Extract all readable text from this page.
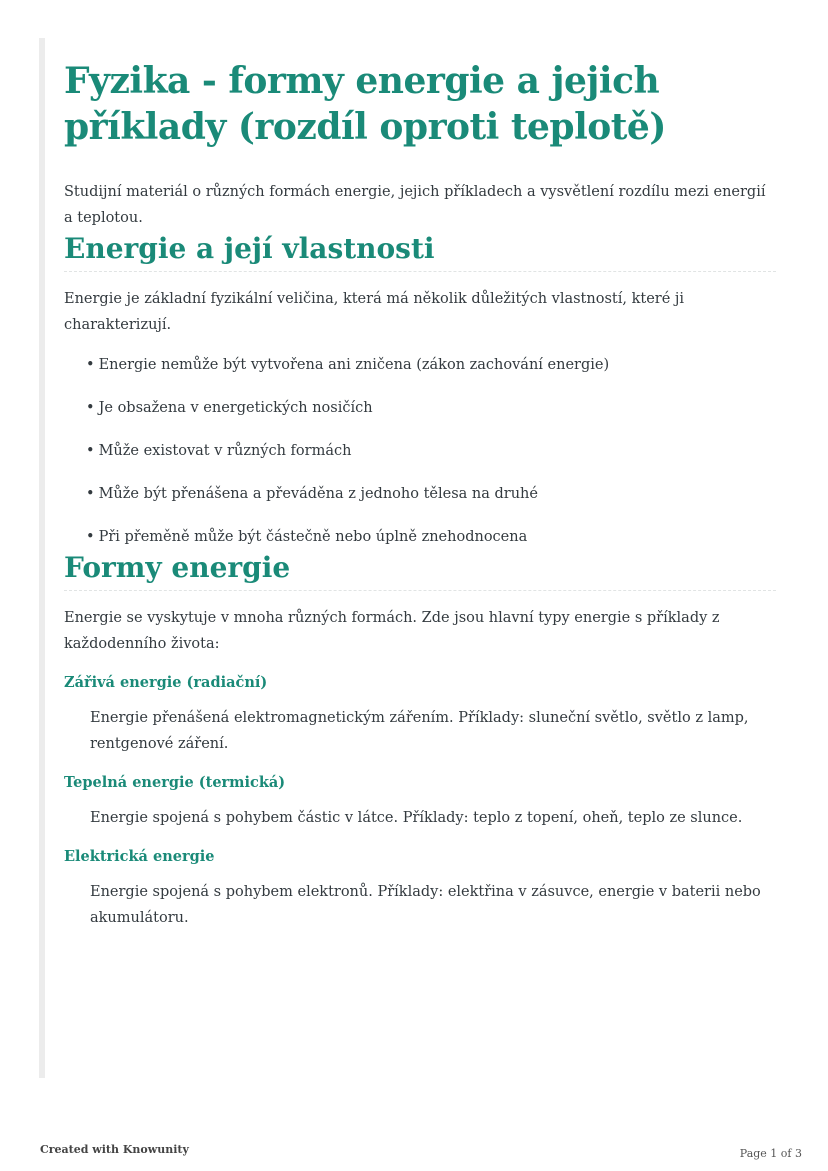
Fyzika - formy energie a jejich příklady (rozdíl oproti teplotě)

Studijní materiál o různých formách energie, jejich příkladech a vysvětlení rozdílu mezi energií a teplotou.

Energie a její vlastnosti

Energie je základní fyzikální veličina, která má několik důležitých vlastností, které ji charakterizují.

• Energie nemůže být vytvořena ani zničena (zákon zachování energie)
• Je obsažena v energetických nosičích
• Může existovat v různých formách
• Může být přenášena a převáděna z jednoho tělesa na druhé
• Při přeměně může být částečně nebo úplně znehodnocena
Formy energie

Energie se vyskytuje v mnoha různých formách. Zde jsou hlavní typy energie s příklady z každodenního života:

Zářivá energie (radiační)

Energie přenášená elektromagnetickým zářením. Příklady: sluneční světlo, světlo z lamp, rentgenové záření.

Tepelná energie (termická)

Energie spojená s pohybem částic v látce. Příklady: teplo z topení, oheň, teplo ze slunce.

Elektrická energie

Energie spojená s pohybem elektronů. Příklady: elektřina v zásuvce, energie v baterii nebo akumulátoru.

Created with Knowunity	Page 1 of 3
